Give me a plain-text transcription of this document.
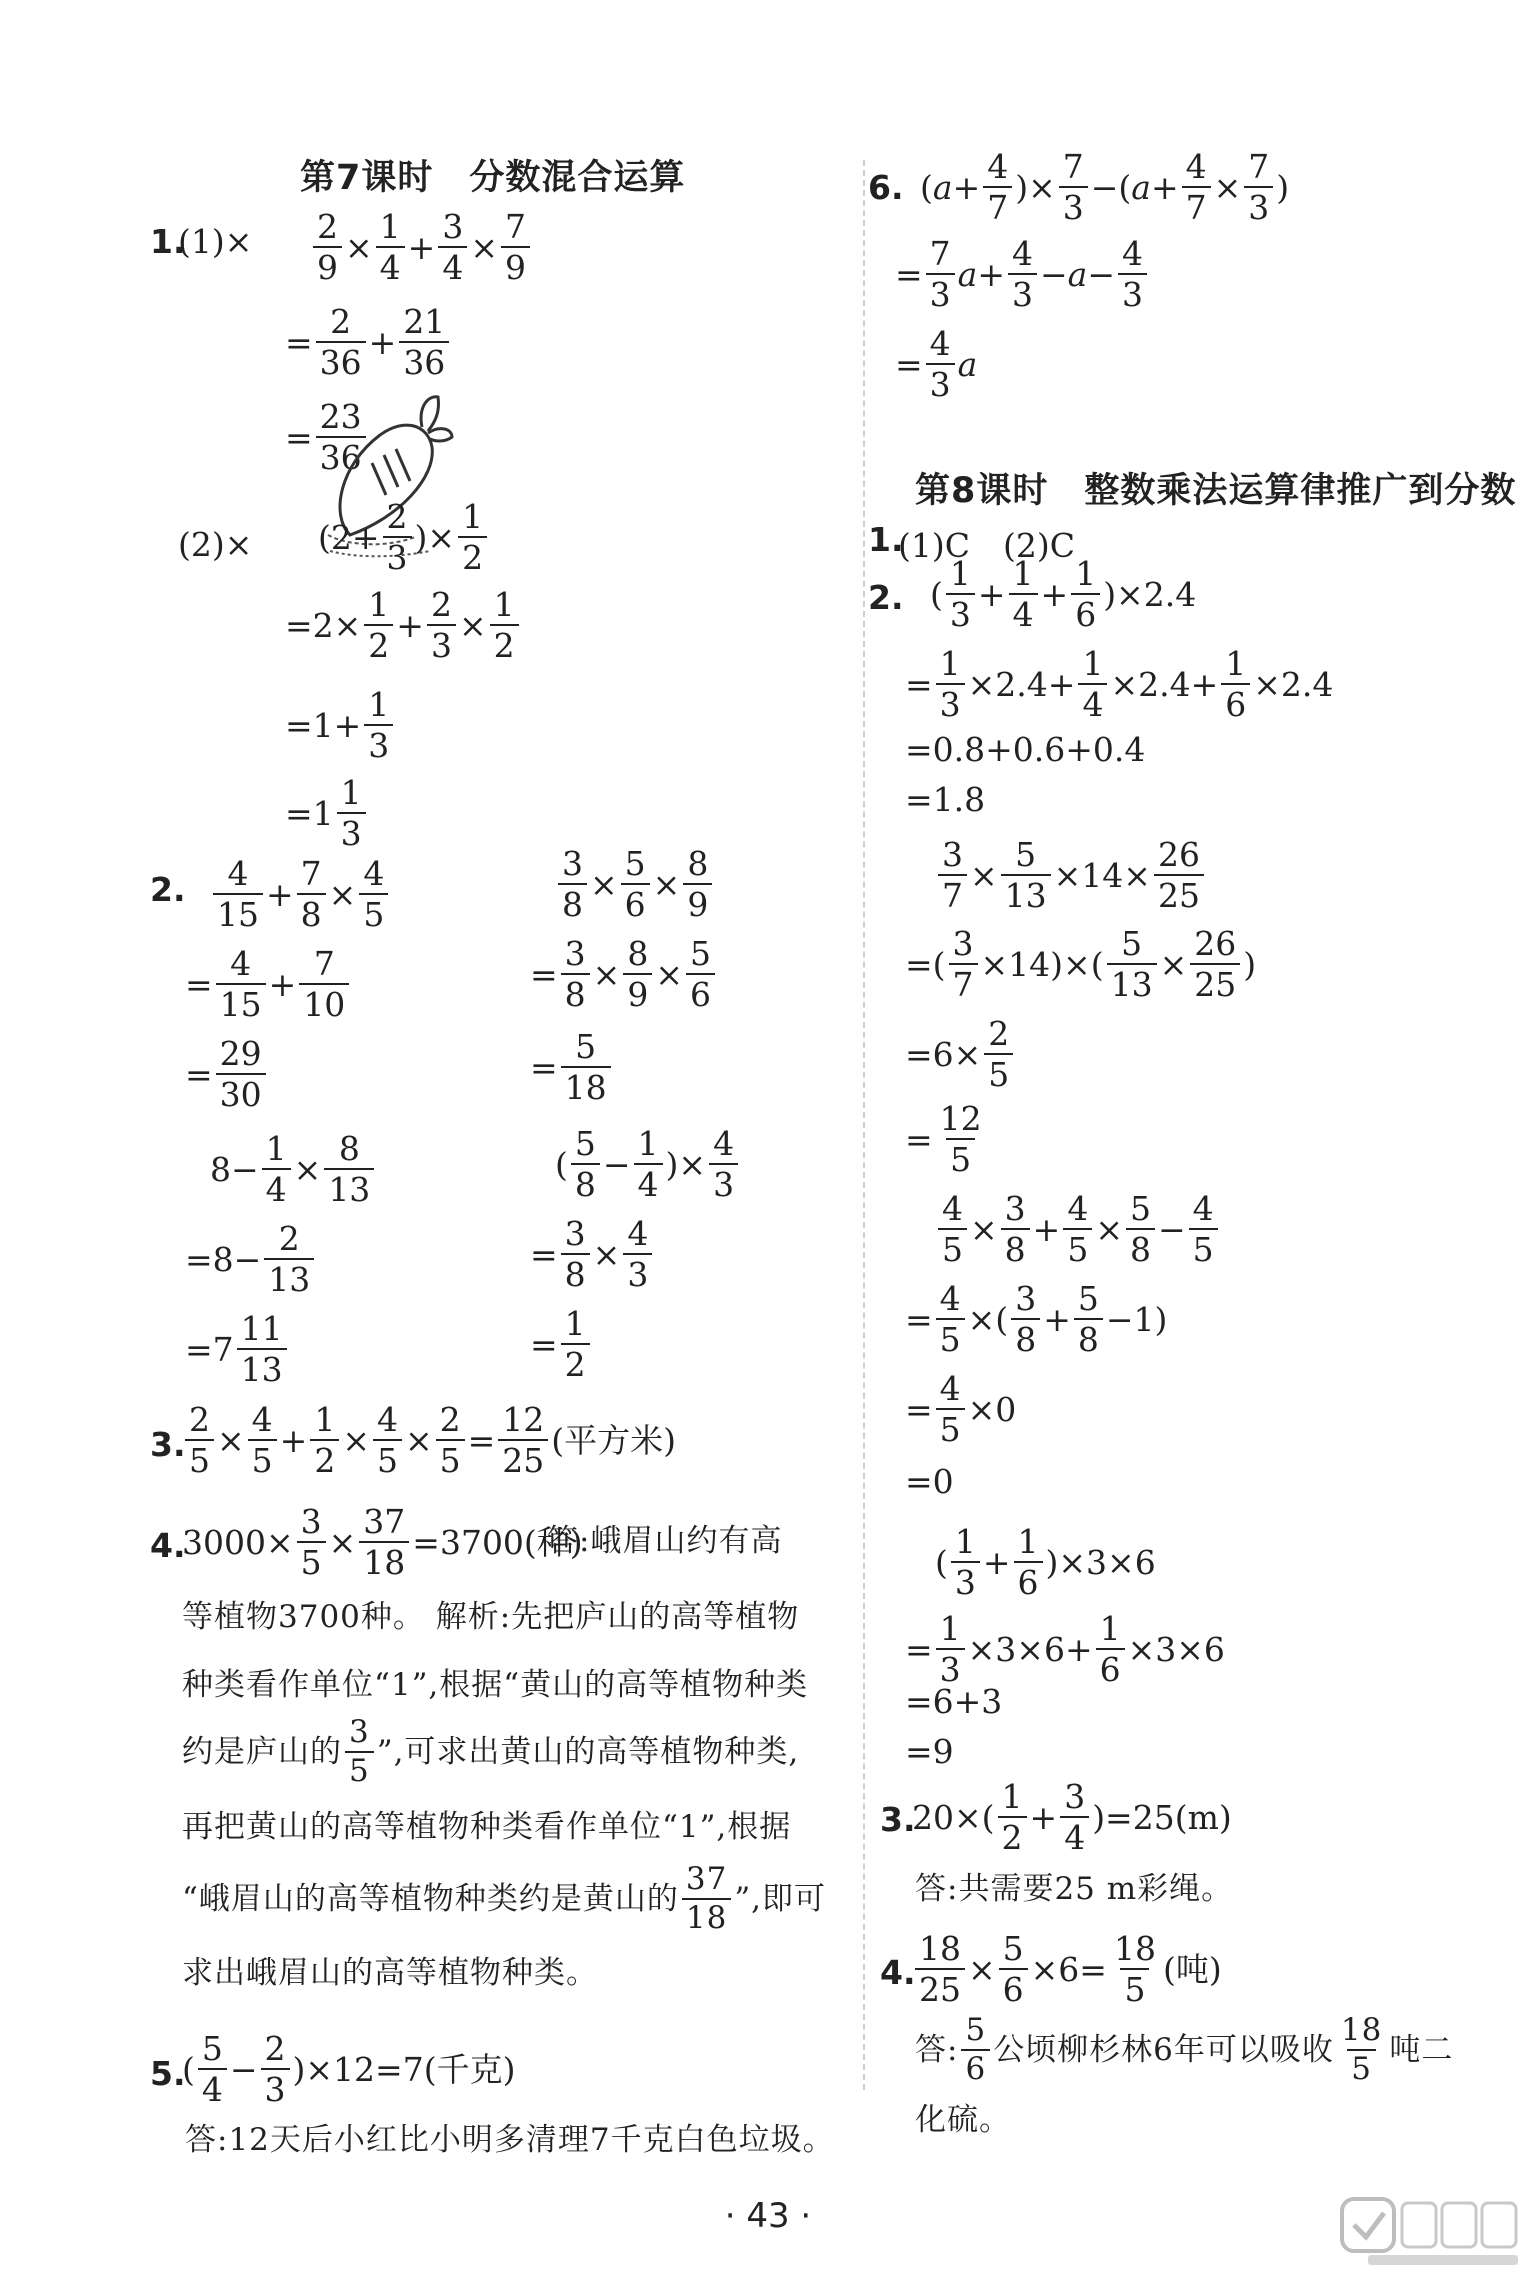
第7课时　分数混合运算
1.
$(1)\times \frac{2}{9} \times \frac{1}{4} + \frac{3}{4} \times \frac{7}{9}$
= $\frac{2}{36} + \frac{21}{36}$
= $\frac{23}{36}$
$(2)\times (2+ \frac{2}{3}$ )× $\frac{1}{2}$
$=2\times \frac{1}{2} + \frac{2}{3} \times \frac{1}{2}$
$=1+ \frac{1}{3}$
$=1 \frac{1}{3}$
2. $\frac{4}{15} + \frac{7}{8} \times \frac{4}{5}$
= $\frac{4}{15} + \frac{7}{10}$
= $\frac{29}{30}$
$8- \frac{1}{4} \times \frac{8}{13}$
$=8- \frac{2}{13}$
$=7 \frac{11}{13}$
$\frac{3}{8} \times \frac{5}{6} \times \frac{8}{9}$
= $\frac{3}{8} \times \frac{8}{9} \times \frac{5}{6}$
= $\frac{5}{18}$
( $\frac{5}{8} - \frac{1}{4}$ )× $\frac{4}{3}$
= $\frac{3}{8} \times \frac{4}{3}$
= $\frac{1}{2}$
3. $\frac{2}{5} \times \frac{4}{5} + \frac{1}{2} \times \frac{4}{5} \times \frac{2}{5} = \frac{12}{25}$ (平方米)
4.
$3000\times \frac{3}{5} \times \frac{37}{18} =3700$(种)
答:峨眉山约有高
等植物3700种。 解析:先把庐山的高等植物
种类看作单位“1”,根据“黄山的高等植物种类
约是庐山的 $\frac{3}{5}$ ”,可求出黄山的高等植物种类,
再把黄山的高等植物种类看作单位“1”,根据
“峨眉山的高等植物种类约是黄山的 $\frac{37}{18}$ ”,即可
求出峨眉山的高等植物种类。
5.
( $\frac{5}{4} - \frac{2}{3} )\times 12=7$ (千克)
答:12天后小红比小明多清理7千克白色垃圾。
6. ( $a + \frac{4}{7}$ )× $\frac{7}{3}$ −( $a + \frac{4}{7} \times \frac{7}{3}$ )
= $\frac{7}{3}$ $a + \frac{4}{3} - a - \frac{4}{3}$
= $\frac{4}{3}$ a
第8课时　整数乘法运算律推广到分数
1.
(1)C　(2)C
2. ( $\frac{1}{3} + \frac{1}{4} + \frac{1}{6} )\times 2.4$
= $\frac{1}{3} \times 2.4+ \frac{1}{4} \times 2.4+ \frac{1}{6} \times 2.4$
=0.8+0.6+0.4
=1.8
$\frac{3}{7} \times \frac{5}{13} \times 14\times \frac{26}{25}$
=( $\frac{3}{7} \times 14)\times( \frac{5}{13} \times \frac{26}{25}$ )
$=6\times \frac{2}{5}$
= $\frac{12}{5}$
$\frac{4}{5} \times \frac{3}{8} + \frac{4}{5} \times \frac{5}{8} - \frac{4}{5}$
= $\frac{4}{5}$ ×( $\frac{3}{8} + \frac{5}{8} -1$)
= $\frac{4}{5} \times 0$
=0
( $\frac{1}{3} + \frac{1}{6} )\times 3\times 6$
= $\frac{1}{3} \times 3\times 6+ \frac{1}{6} \times 3\times 6$
=6+3
=9
3.
$20\times( \frac{1}{2} + \frac{3}{4} )=25$ (m)
答:共需要25 m彩绳。
4. $\frac{18}{25} \times \frac{5}{6} \times 6= \frac{18}{5}$ (吨)
答: $\frac{5}{6}$ 公顷柳杉林6年可以吸收 $\frac{18}{5}$ 吨二
化硫。
· 43 ·
